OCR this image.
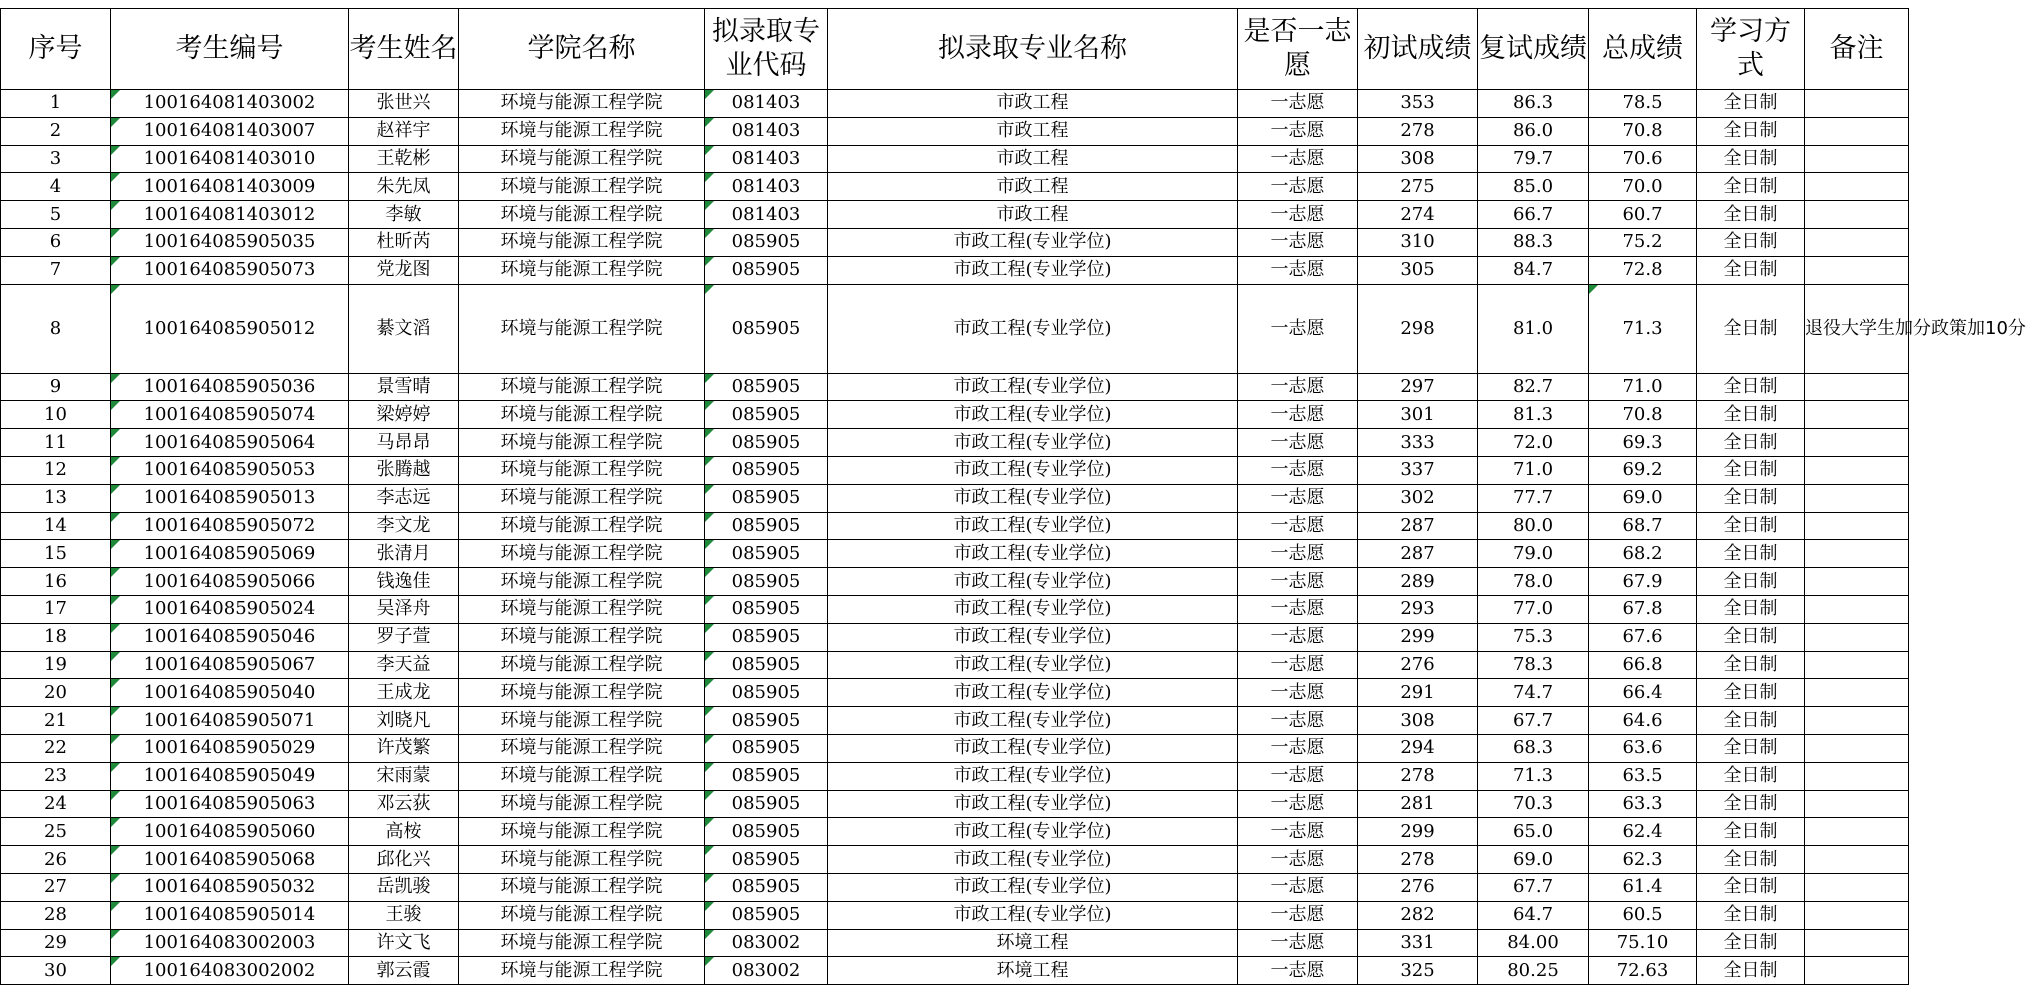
序号	考生编号	考生姓名	学院名称	拟录取专业代码	拟录取专业名称	是否一志愿	初试成绩	复试成绩	总成绩	学习方式	备注
1	100164081403002	张世兴	环境与能源工程学院	081403	市政工程	一志愿	353	86.3	78.5	全日制	
2	100164081403007	赵祥宇	环境与能源工程学院	081403	市政工程	一志愿	278	86.0	70.8	全日制	
3	100164081403010	王乾彬	环境与能源工程学院	081403	市政工程	一志愿	308	79.7	70.6	全日制	
4	100164081403009	朱先凤	环境与能源工程学院	081403	市政工程	一志愿	275	85.0	70.0	全日制	
5	100164081403012	李敏	环境与能源工程学院	081403	市政工程	一志愿	274	66.7	60.7	全日制	
6	100164085905035	杜昕芮	环境与能源工程学院	085905	市政工程(专业学位)	一志愿	310	88.3	75.2	全日制	
7	100164085905073	党龙图	环境与能源工程学院	085905	市政工程(专业学位)	一志愿	305	84.7	72.8	全日制	
8	100164085905012	綦文滔	环境与能源工程学院	085905	市政工程(专业学位)	一志愿	298	81.0	71.3	全日制	退役大学生加分政策加10分
9	100164085905036	景雪晴	环境与能源工程学院	085905	市政工程(专业学位)	一志愿	297	82.7	71.0	全日制	
10	100164085905074	梁婷婷	环境与能源工程学院	085905	市政工程(专业学位)	一志愿	301	81.3	70.8	全日制	
11	100164085905064	马昂昂	环境与能源工程学院	085905	市政工程(专业学位)	一志愿	333	72.0	69.3	全日制	
12	100164085905053	张腾越	环境与能源工程学院	085905	市政工程(专业学位)	一志愿	337	71.0	69.2	全日制	
13	100164085905013	李志远	环境与能源工程学院	085905	市政工程(专业学位)	一志愿	302	77.7	69.0	全日制	
14	100164085905072	李文龙	环境与能源工程学院	085905	市政工程(专业学位)	一志愿	287	80.0	68.7	全日制	
15	100164085905069	张清月	环境与能源工程学院	085905	市政工程(专业学位)	一志愿	287	79.0	68.2	全日制	
16	100164085905066	钱逸佳	环境与能源工程学院	085905	市政工程(专业学位)	一志愿	289	78.0	67.9	全日制	
17	100164085905024	吴泽舟	环境与能源工程学院	085905	市政工程(专业学位)	一志愿	293	77.0	67.8	全日制	
18	100164085905046	罗子萱	环境与能源工程学院	085905	市政工程(专业学位)	一志愿	299	75.3	67.6	全日制	
19	100164085905067	李天益	环境与能源工程学院	085905	市政工程(专业学位)	一志愿	276	78.3	66.8	全日制	
20	100164085905040	王成龙	环境与能源工程学院	085905	市政工程(专业学位)	一志愿	291	74.7	66.4	全日制	
21	100164085905071	刘晓凡	环境与能源工程学院	085905	市政工程(专业学位)	一志愿	308	67.7	64.6	全日制	
22	100164085905029	许茂繁	环境与能源工程学院	085905	市政工程(专业学位)	一志愿	294	68.3	63.6	全日制	
23	100164085905049	宋雨蒙	环境与能源工程学院	085905	市政工程(专业学位)	一志愿	278	71.3	63.5	全日制	
24	100164085905063	邓云荻	环境与能源工程学院	085905	市政工程(专业学位)	一志愿	281	70.3	63.3	全日制	
25	100164085905060	高桉	环境与能源工程学院	085905	市政工程(专业学位)	一志愿	299	65.0	62.4	全日制	
26	100164085905068	邱化兴	环境与能源工程学院	085905	市政工程(专业学位)	一志愿	278	69.0	62.3	全日制	
27	100164085905032	岳凯骏	环境与能源工程学院	085905	市政工程(专业学位)	一志愿	276	67.7	61.4	全日制	
28	100164085905014	王骏	环境与能源工程学院	085905	市政工程(专业学位)	一志愿	282	64.7	60.5	全日制	
29	100164083002003	许文飞	环境与能源工程学院	083002	环境工程	一志愿	331	84.00	75.10	全日制	
30	100164083002002	郭云霞	环境与能源工程学院	083002	环境工程	一志愿	325	80.25	72.63	全日制	
